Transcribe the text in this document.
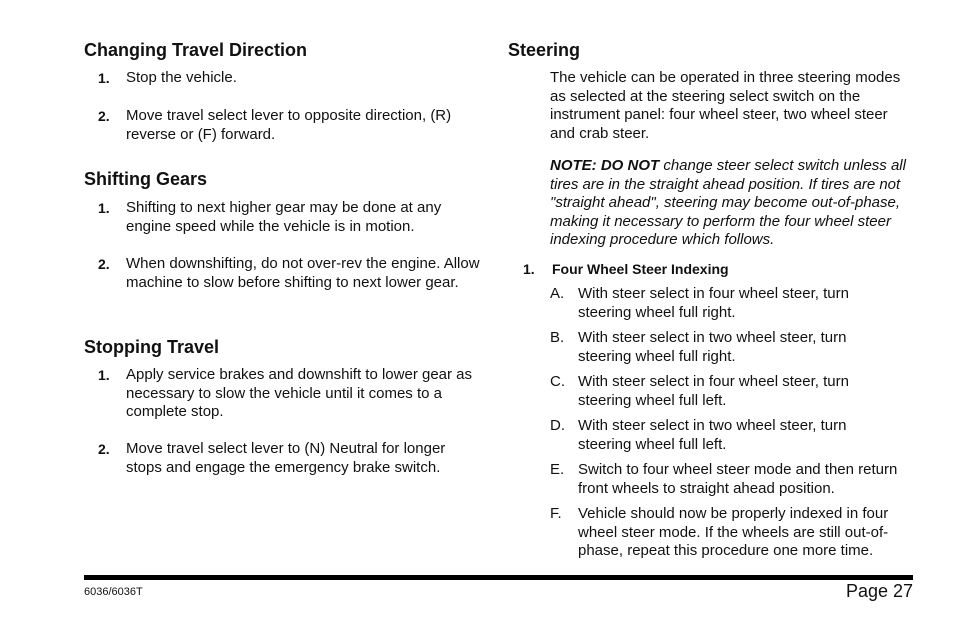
Changing Travel Direction
1. Stop the vehicle.
2. Move travel select lever to opposite direction, (R) reverse or (F) forward.
Shifting Gears
1. Shifting to next higher gear may be done at any engine speed while the vehicle is in motion.
2. When downshifting, do not over-rev the engine. Allow machine to slow before shifting to next lower gear.
Stopping Travel
1. Apply service brakes and downshift to lower gear as necessary to slow the vehicle until it comes to a complete stop.
2. Move travel select lever to (N) Neutral for longer stops and engage the emergency brake switch.
Steering
The vehicle can be operated in three steering modes as selected at the steering select switch on the instrument panel: four wheel steer, two wheel steer and crab steer.
NOTE: DO NOT change steer select switch unless all tires are in the straight ahead position. If tires are not "straight ahead", steering may become out-of-phase, making it necessary to perform the four wheel steer indexing procedure which follows.
1. Four Wheel Steer Indexing
A. With steer select in four wheel steer, turn steering wheel full right.
B. With steer select in two wheel steer, turn steering wheel full right.
C. With steer select in four wheel steer, turn steering wheel full left.
D. With steer select in two wheel steer, turn steering wheel full left.
E. Switch to four wheel steer mode and then return front wheels to straight ahead position.
F. Vehicle should now be properly indexed in four wheel steer mode. If the wheels are still out-of-phase, repeat this procedure one more time.
6036/6036T	Page 27
